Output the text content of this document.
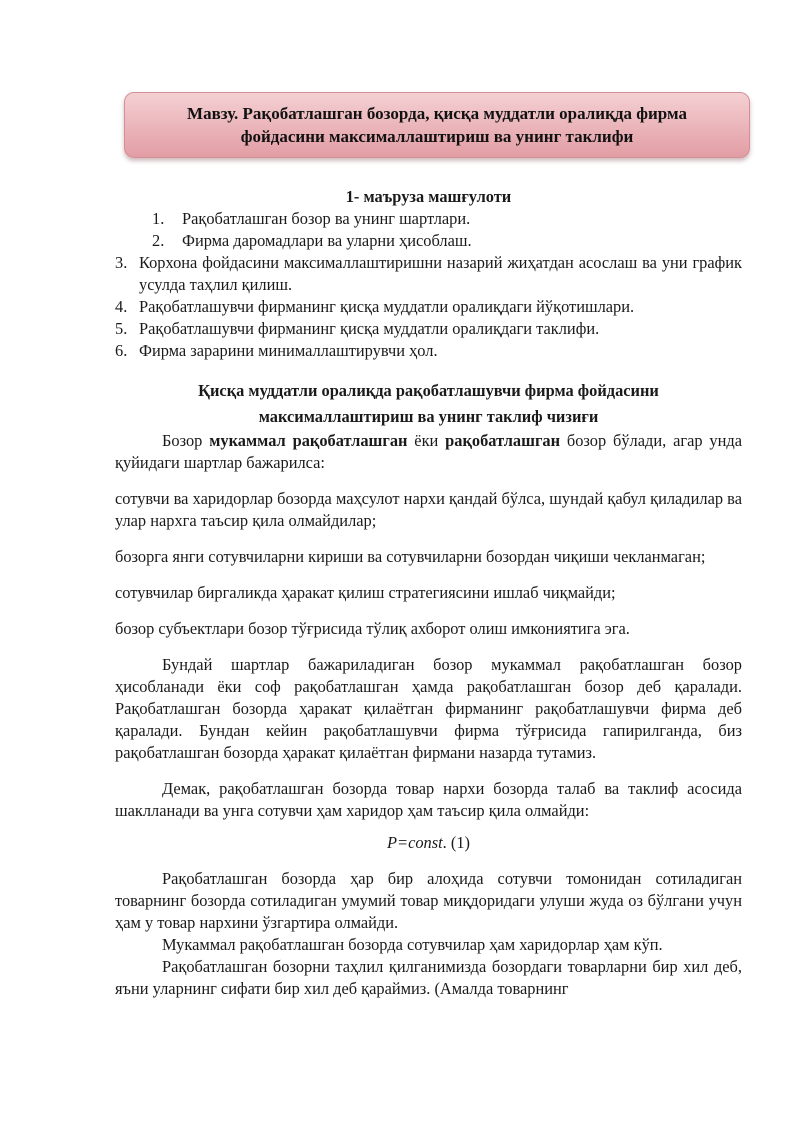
Мавзу. Рақобатлашган бозорда, қисқа муддатли оралиқда фирма фойдасини максималлаштириш ва унинг таклифи

1- маъруза машғулоти

1. Рақобатлашган бозор ва унинг шартлари.
2. Фирма даромадлари ва уларни ҳисоблаш.
3. Корхона фойдасини максималлаштиришни назарий жиҳатдан асослаш ва уни график усулда таҳлил қилиш.
4. Рақобатлашувчи фирманинг қисқа муддатли оралиқдаги йўқотишлари.
5. Рақобатлашувчи фирманинг қисқа муддатли оралиқдаги таклифи.
6. Фирма зарарини минималлаштирувчи ҳол.
Қисқа муддатли оралиқда рақобатлашувчи фирма фойдасини
максималлаштириш ва унинг таклиф чизиғи

Бозор мукаммал рақобатлашган ёки рақобатлашган бозор бўлади, агар унда қуйидаги шартлар бажарилса:

сотувчи ва харидорлар бозорда маҳсулот нархи қандай бўлса, шундай қабул қиладилар ва улар нархга таъсир қила олмайдилар;

бозорга янги сотувчиларни кириши ва сотувчиларни бозордан чиқиши чекланмаган;

сотувчилар биргаликда ҳаракат қилиш стратегиясини ишлаб чиқмайди;

бозор субъектлари бозор тўғрисида тўлиқ ахборот олиш имкониятига эга.

Бундай шартлар бажариладиган бозор мукаммал рақобатлашган бозор ҳисобланади ёки соф рақобатлашган ҳамда рақобатлашган бозор деб қаралади. Рақобатлашган бозорда ҳаракат қилаётган фирманинг рақобатлашувчи фирма деб қаралади. Бундан кейин рақобатлашувчи фирма тўғрисида гапирилганда, биз рақобатлашган бозорда ҳаракат қилаётган фирмани назарда тутамиз.

Демак, рақобатлашган бозорда товар нархи бозорда талаб ва таклиф асосида шаклланади ва унга сотувчи ҳам харидор ҳам таъсир қила олмайди:

P=const. (1)

Рақобатлашган бозорда ҳар бир алоҳида сотувчи томонидан сотиладиган товарнинг бозорда сотиладиган умумий товар миқдоридаги улуши жуда оз бўлгани учун ҳам у товар нархини ўзгартира олмайди.

Мукаммал рақобатлашган бозорда сотувчилар ҳам харидорлар ҳам кўп.

Рақобатлашган бозорни таҳлил қилганимизда бозордаги товарларни бир хил деб, яъни уларнинг сифати бир хил деб қараймиз. (Амалда товарнинг
